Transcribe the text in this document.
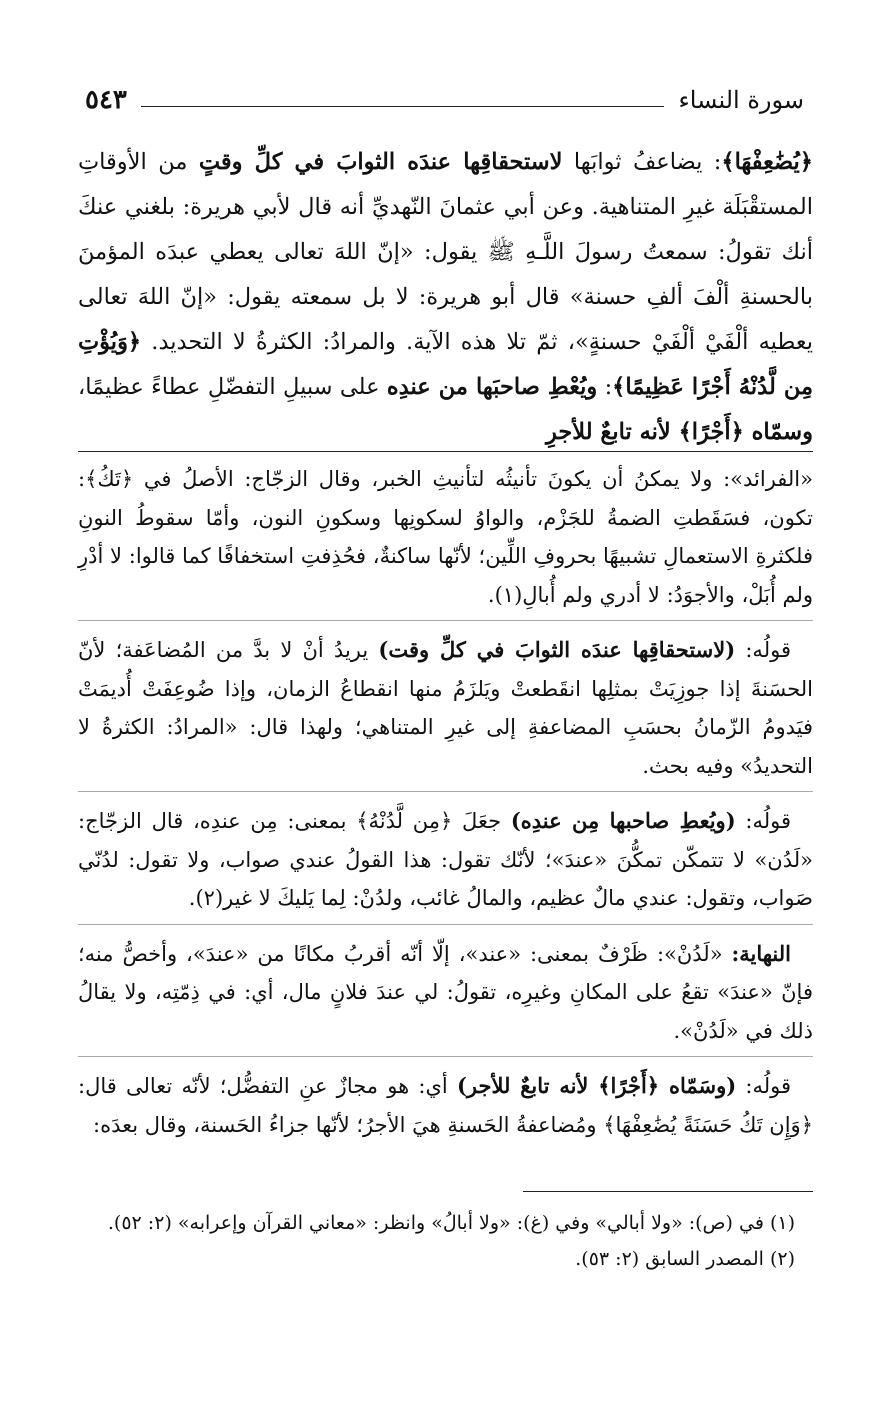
سورة النساء
٥٤٣

﴿يُضَٰعِفْهَا﴾: يضاعفُ ثوابَها لاستحقاقِها عندَه الثوابَ في كلِّ وقتٍ من الأوقاتِ المستقْبَلَة غيرِ المتناهية. وعن أبي عثمانَ النّهديِّ أنه قال لأبي هريرة: بلغني عنكَ أنك تقولُ: سمعتُ رسولَ اللَّـهِ ﷺ يقول: «إنّ اللهَ تعالى يعطي عبدَه المؤمنَ بالحسنةِ ألْفَ ألفِ حسنة» قال أبو هريرة: لا بل سمعته يقول: «إنّ اللهَ تعالى يعطيه ألْفَيْ ألْفَيْ حسنةٍ»، ثمّ تلا هذه الآية. والمرادُ: الكثرةُ لا التحديد. ﴿وَيُؤْتِ مِن لَّدُنْهُ أَجْرًا عَظِيمًا﴾: ويُعْطِ صاحبَها من عندِه على سبيلِ التفضّلِ عطاءً عظيمًا، وسمّاه ﴿أَجْرًا﴾ لأنه تابعٌ للأجرِ

«الفرائد»: ولا يمكنُ أن يكونَ تأنيثُه لتأنيثِ الخبر، وقال الزجّاج: الأصلُ في ﴿تَكُ﴾: تكون، فسَقَطتِ الضمةُ للجَزْم، والواوُ لسكونِها وسكونِ النون، وأمّا سقوطُ النونِ فلكثرةِ الاستعمالِ تشبيهًا بحروفِ اللِّين؛ لأنّها ساكنةٌ، فحُذِفتِ استخفافًا كما قالوا: لا أدْرِ ولم أُبَلْ، والأجوَدُ: لا أدري ولم أُبالِ(١).

قولُه: (لاستحقاقِها عندَه الثوابَ في كلِّ وقت) يريدُ أنْ لا بدَّ من المُضاعَفة؛ لأنّ الحسَنةَ إذا جوزِيَتْ بمثلِها انقَطعتْ ويَلزَمُ منها انقطاعُ الزمان، وإذا ضُوعِفَتْ أُديمَتْ فيَدومُ الزّمانُ بحسَبِ المضاعفةِ إلى غيرِ المتناهي؛ ولهذا قال: «المرادُ: الكثرةُ لا التحديدُ» وفيه بحث.

قولُه: (ويُعطِ صاحبها مِن عندِه) جعَلَ ﴿مِن لَّدُنْهُ﴾ بمعنى: مِن عندِه، قال الزجّاج: «لَدُن» لا تتمكّن تمكُّنَ «عندَ»؛ لأنّك تقول: هذا القولُ عندي صواب، ولا تقول: لدُنّي صَواب، وتقول: عندي مالٌ عظيم، والمالُ غائب، ولدُنْ: لِما يَليكَ لا غير(٢).

النهاية: «لَدُنْ»: ظَرْفٌ بمعنى: «عند»، إلّا أنّه أقربُ مكانًا من «عندَ»، وأخصُّ منه؛ فإنّ «عندَ» تقعُ على المكانِ وغيرِه، تقولُ: لي عندَ فلانٍ مال، أي: في ذِمّتِه، ولا يقالُ ذلك في «لَدُنْ».

قولُه: (وسَمّاه ﴿أَجْرًا﴾ لأنه تابعٌ للأجر) أي: هو مجازٌ عنِ التفضُّل؛ لأنّه تعالى قال: ﴿وَإِن تَكُ حَسَنَةً يُضَٰعِفْهَا﴾ ومُضاعفةُ الحَسنةِ هيَ الأجرُ؛ لأنّها جزاءُ الحَسنة، وقال بعدَه:

(١) في (ص): «ولا أبالي» وفي (غ): «ولا أبالُ» وانظر: «معاني القرآن وإعرابه» (٢: ٥٢).

(٢) المصدر السابق (٢: ٥٣).
